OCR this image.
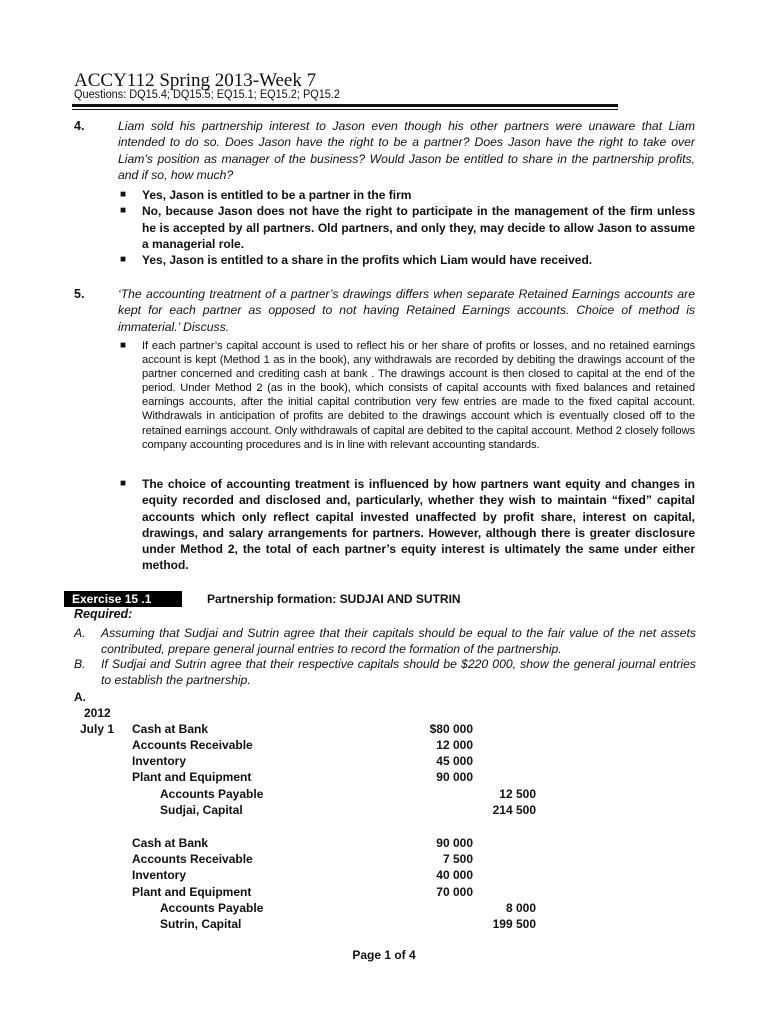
ACCY112 Spring 2013-Week 7
Questions: DQ15.4; DQ15.5; EQ15.1; EQ15.2; PQ15.2
4.	Liam sold his partnership interest to Jason even though his other partners were unaware that Liam intended to do so. Does Jason have the right to be a partner? Does Jason have the right to take over Liam’s position as manager of the business? Would Jason be entitled to share in the partnership profits, and if so, how much?
■ Yes, Jason is entitled to be a partner in the firm
■ No, because Jason does not have the right to participate in the management of the firm unless he is accepted by all partners. Old partners, and only they, may decide to allow Jason to assume a managerial role.
■ Yes, Jason is entitled to a share in the profits which Liam would have received.
5.	‘The accounting treatment of a partner’s drawings differs when separate Retained Earnings accounts are kept for each partner as opposed to not having Retained Earnings accounts. Choice of method is immaterial.’ Discuss.
■ If each partner’s capital account is used to reflect his or her share of profits or losses, and no retained earnings account is kept (Method 1 as in the book), any withdrawals are recorded by debiting the drawings account of the partner concerned and crediting cash at bank . The drawings account is then closed to capital at the end of the period. Under Method 2 (as in the book), which consists of capital accounts with fixed balances and retained earnings accounts, after the initial capital contribution very few entries are made to the fixed capital account. Withdrawals in anticipation of profits are debited to the drawings account which is eventually closed off to the retained earnings account. Only withdrawals of capital are debited to the capital account. Method 2 closely follows company accounting procedures and is in line with relevant accounting standards.
■ The choice of accounting treatment is influenced by how partners want equity and changes in equity recorded and disclosed and, particularly, whether they wish to maintain “fixed” capital accounts which only reflect capital invested unaffected by profit share, interest on capital, drawings, and salary arrangements for partners. However, although there is greater disclosure under Method 2, the total of each partner’s equity interest is ultimately the same under either method.
Exercise 15 .1	Partnership formation: SUDJAI AND SUTRIN
Required:
A.	Assuming that Sudjai and Sutrin agree that their capitals should be equal to the fair value of the net assets contributed, prepare general journal entries to record the formation of the partnership.
B.	If Sudjai and Sutrin agree that their respective capitals should be $220 000, show the general journal entries to establish the partnership.
A.
2012
July 1 Cash at Bank	$80 000
Accounts Receivable	12 000
Inventory	45 000
Plant and Equipment	90 000
Accounts Payable	12 500
Sudjai, Capital	214 500
Cash at Bank	90 000
Accounts Receivable	7 500
Inventory	40 000
Plant and Equipment	70 000
Accounts Payable	8 000
Sutrin, Capital	199 500
Page 1 of 4
